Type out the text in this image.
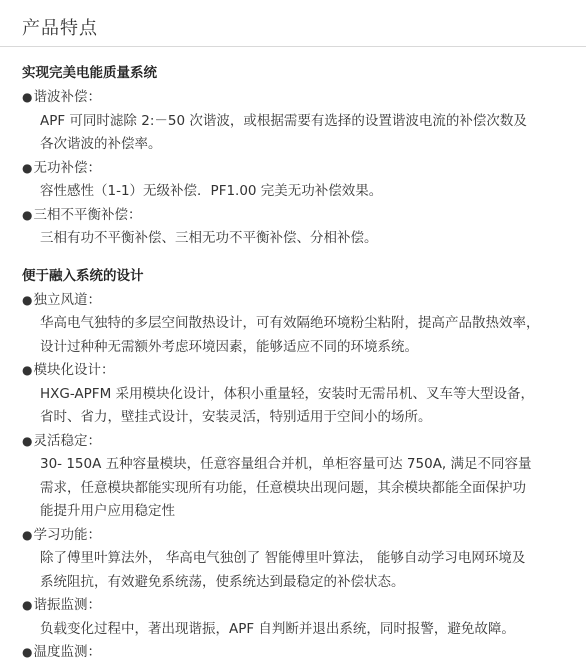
产品特点
实现完美电能质量系统
●谐波补偿：
APF 可同时滤除 2:－50 次谐波，或根据需要有选择的设置谐波电流的补偿次数及
各次谐波的补偿率。
●无功补偿：
容性感性（1-1）无级补偿．PF1.00 完美无功补偿效果。
●三相不平衡补偿：
三相有功不平衡补偿、三相无功不平衡补偿、分相补偿。
便于融入系统的设计
●独立风道：
华高电气独特的多层空间散热设计，可有效隔绝环境粉尘粘附，提高产品散热效率，
设计过种种无需额外考虑环境因素，能够适应不同的环境系统。
●模块化设计：
HXG-APFM 采用模块化设计，体积小重量轻，安装时无需吊机、叉车等大型设备，
省时、省力，壁挂式设计，安装灵活，特别适用于空间小的场所。
●灵活稳定：
30- 150A 五种容量模块，任意容量组合并机，单柜容量可达 750A, 满足不同容量
需求，任意模块都能实现所有功能，任意模块出现问题，其余模块都能全面保护功
能提升用户应用稳定性
●学习功能：
除了傅里叶算法外， 华高电气独创了 智能傅里叶算法， 能够自动学习电网环境及
系统阻抗，有效避免系统荡，使系统达到最稳定的补偿状态。
●谐振监测：
负载变化过程中，著出现谐振，APF 自判断并退出系统，同时报警，避免故障。
●温度监测：
